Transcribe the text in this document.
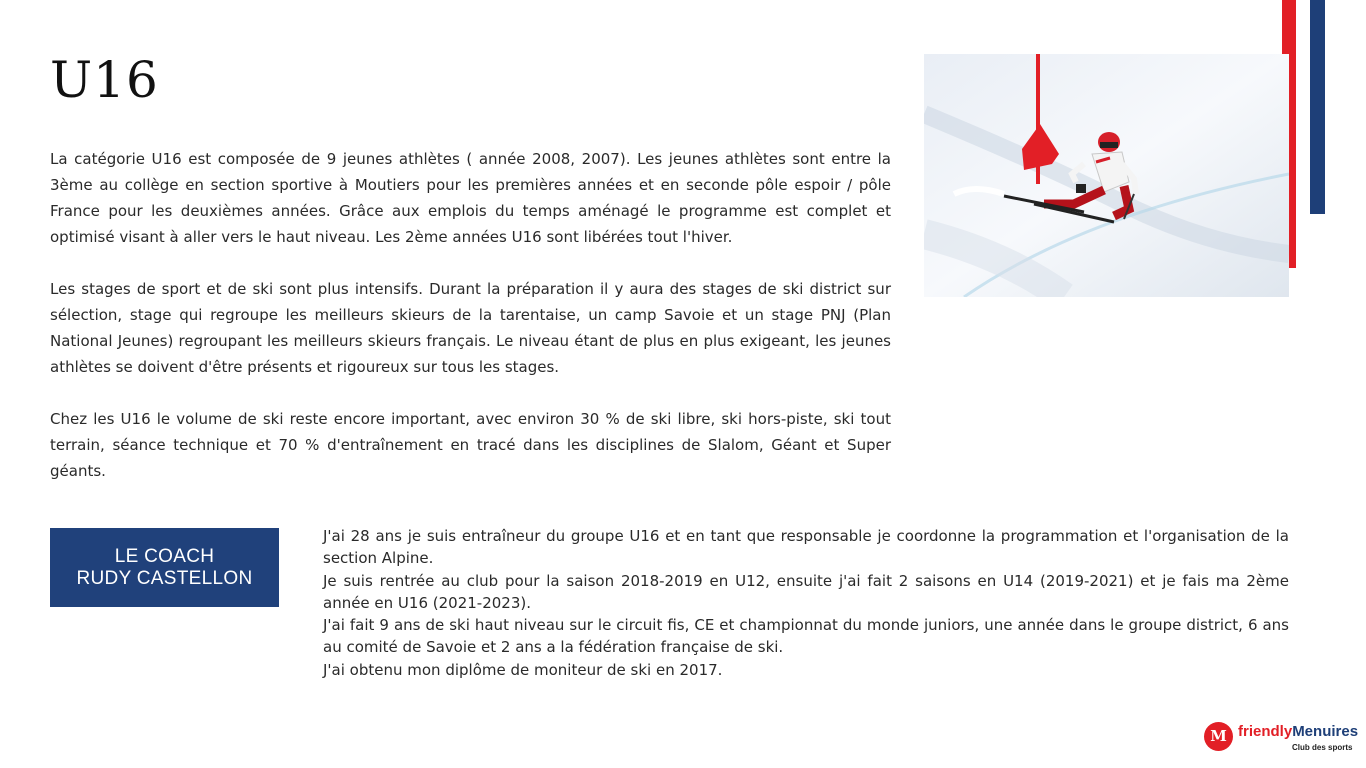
U16

La catégorie U16 est composée de 9 jeunes athlètes ( année 2008, 2007). Les jeunes athlètes sont entre la 3ème au collège en section sportive à Moutiers pour les premières années et en seconde pôle espoir / pôle France pour les deuxièmes années. Grâce aux emplois du temps aménagé le programme est complet et optimisé visant à aller vers le haut niveau. Les 2ème années U16 sont libérées tout l'hiver.

Les stages de sport et de ski sont plus intensifs. Durant la préparation il y aura des stages de ski district sur sélection, stage qui regroupe les meilleurs skieurs de la tarentaise, un camp Savoie et un stage PNJ (Plan National Jeunes) regroupant les meilleurs skieurs français. Le niveau étant de plus en plus exigeant, les jeunes athlètes se doivent d'être présents et rigoureux sur tous les stages.

Chez les U16 le volume de ski reste encore important, avec environ 30 % de ski libre, ski hors-piste, ski tout terrain, séance technique et 70 % d'entraînement en tracé dans les disciplines de Slalom, Géant et Super géants.

LE COACH
RUDY CASTELLON
J'ai 28 ans je suis entraîneur du groupe U16 et en tant que responsable je coordonne la programmation et l'organisation de la section Alpine.
Je suis rentrée au club pour la saison 2018-2019 en U12, ensuite j'ai fait 2 saisons en U14 (2019-2021) et je fais ma 2ème année en U16 (2021-2023).
J'ai fait 9 ans de ski haut niveau sur le circuit fis, CE et championnat du monde juniors, une année dans le groupe district, 6 ans au comité de Savoie et 2 ans a la fédération française de ski.
J'ai obtenu mon diplôme de moniteur de ski en 2017.
M friendlyMenuires
Club des sports
